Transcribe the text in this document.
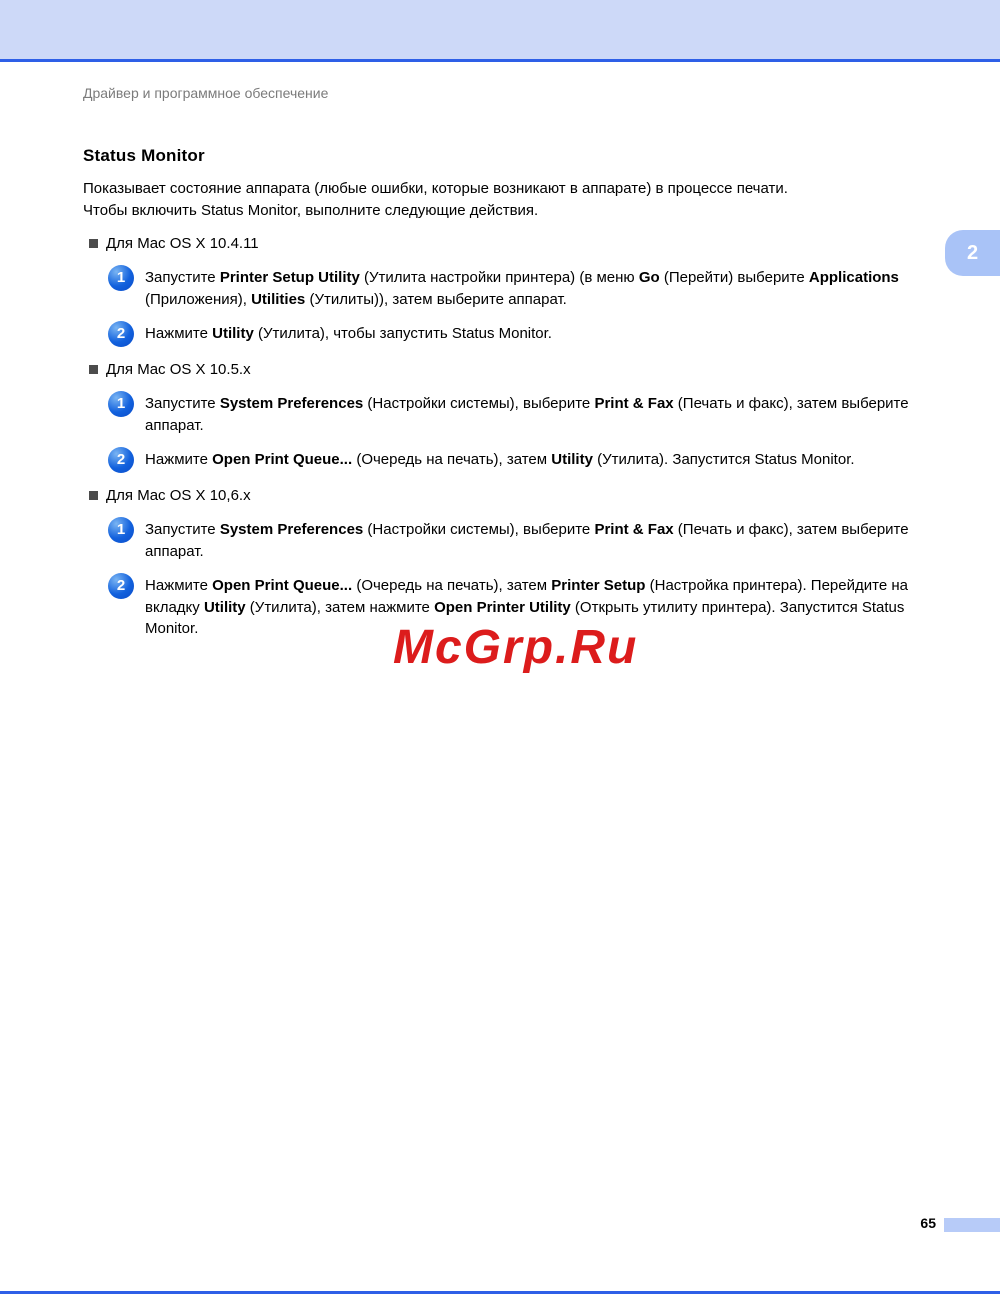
Драйвер и программное обеспечение
2
Status Monitor

Показывает состояние аппарата (любые ошибки, которые возникают в аппарате) в процессе печати.
Чтобы включить Status Monitor, выполните следующие действия.

Для Mac OS X 10.4.11
1	Запустите Printer Setup Utility (Утилита настройки принтера) (в меню Go (Перейти) выберите Applications (Приложения), Utilities (Утилиты)), затем выберите аппарат.
2	Нажмите Utility (Утилита), чтобы запустить Status Monitor.
Для Mac OS X 10.5.x
1	Запустите System Preferences (Настройки системы), выберите Print & Fax (Печать и факс), затем выберите аппарат.
2	Нажмите Open Print Queue... (Очередь на печать), затем Utility (Утилита). Запустится Status Monitor.
Для Mac OS X 10,6.x
1	Запустите System Preferences (Настройки системы), выберите Print & Fax (Печать и факс), затем выберите аппарат.
2	Нажмите Open Print Queue... (Очередь на печать), затем Printer Setup (Настройка принтера). Перейдите на вкладку Utility (Утилита), затем нажмите Open Printer Utility (Открыть утилиту принтера). Запустится Status Monitor.	McGrp.Ru
65
